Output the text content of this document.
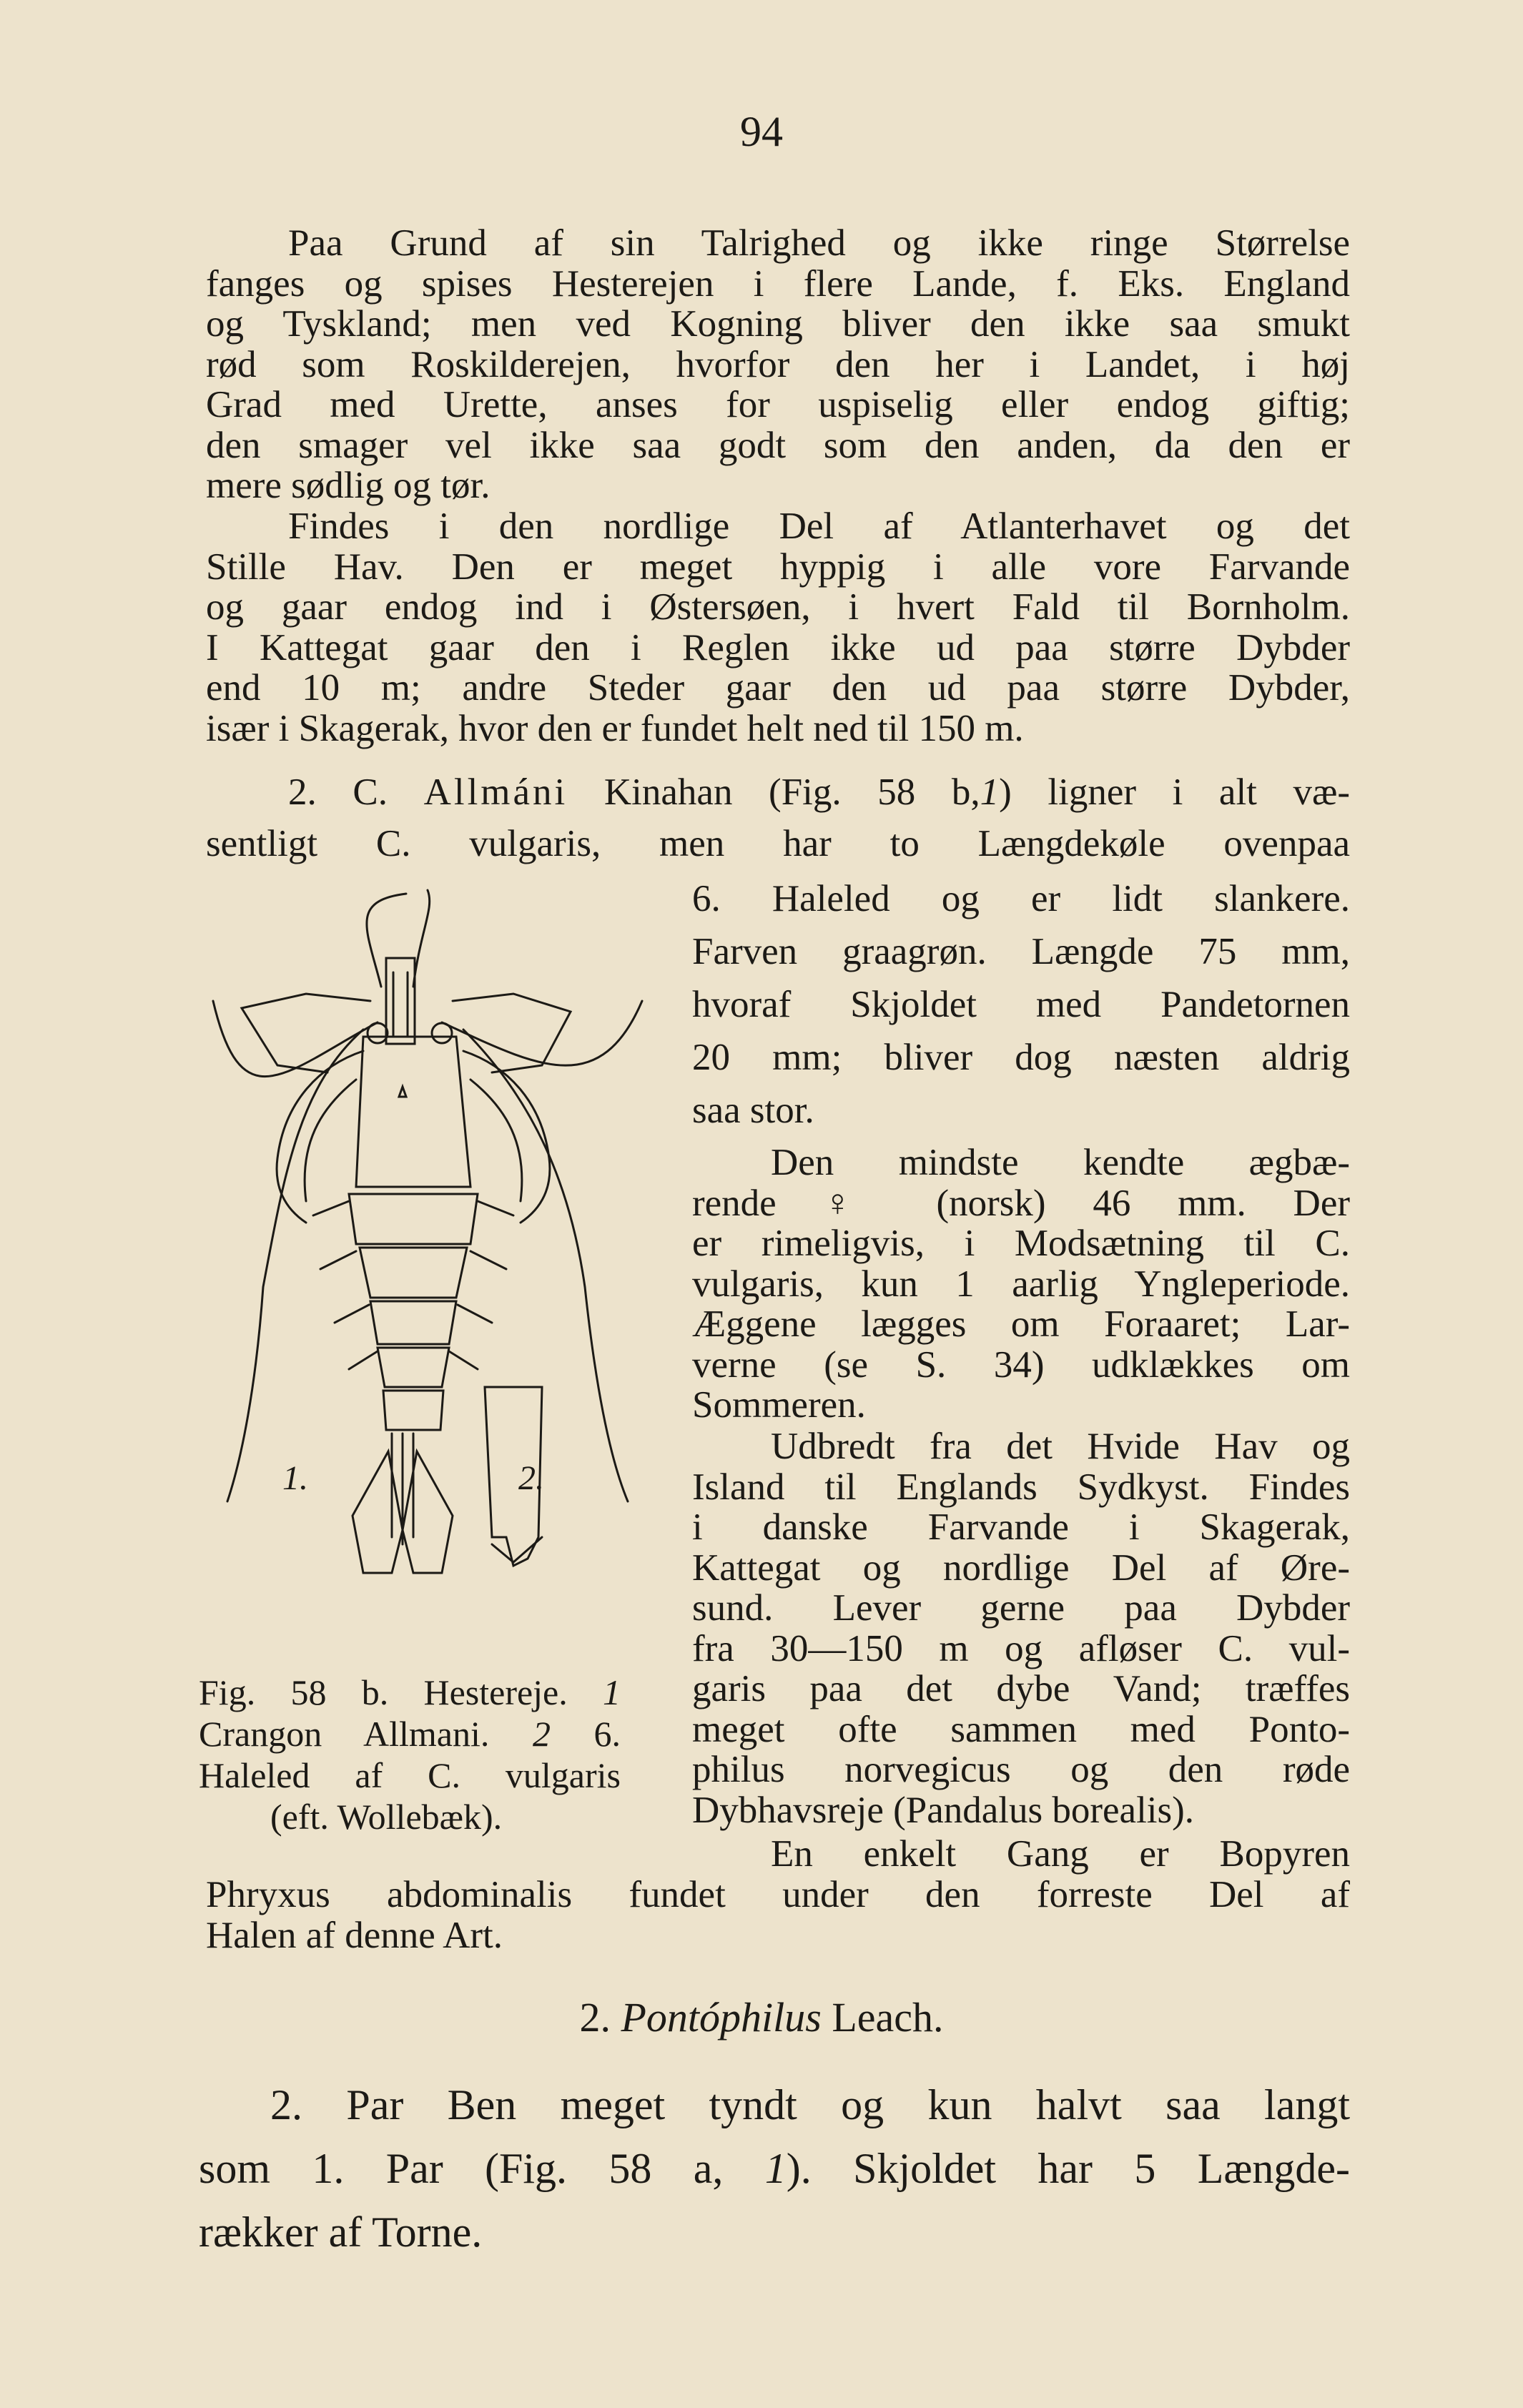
94
Paa Grund af sin Talrighed og ikke ringe Størrelse
fanges og spises Hesterejen i flere Lande, f. Eks. England
og Tyskland; men ved Kogning bliver den ikke saa smukt
rød som Roskilderejen, hvorfor den her i Landet, i høj
Grad med Urette, anses for uspiselig eller endog giftig;
den smager vel ikke saa godt som den anden, da den er
mere sødlig og tør.
Findes i den nordlige Del af Atlanterhavet og det
Stille Hav. Den er meget hyppig i alle vore Farvande
og gaar endog ind i Østersøen, i hvert Fald til Bornholm.
I Kattegat gaar den i Reglen ikke ud paa større Dybder
end 10 m; andre Steder gaar den ud paa større Dybder,
især i Skagerak, hvor den er fundet helt ned til 150 m.
2. C. Allmáni Kinahan (Fig. 58 b,1) ligner i alt væ-
sentligt C. vulgaris, men har to Længdekøle ovenpaa
6. Haleled og er lidt slankere.
Farven graagrøn. Længde 75 mm,
hvoraf Skjoldet med Pandetornen
20 mm; bliver dog næsten aldrig
saa stor.
Den mindste kendte ægbæ-
rende ♀ (norsk) 46 mm. Der
er rimeligvis, i Modsætning til C.
vulgaris, kun 1 aarlig Yngleperiode.
Æggene lægges om Foraaret; Lar-
verne (se S. 34) udklækkes om
Sommeren.
Udbredt fra det Hvide Hav og
Island til Englands Sydkyst. Findes
i danske Farvande i Skagerak,
Kattegat og nordlige Del af Øre-
sund. Lever gerne paa Dybder
fra 30—150 m og afløser C. vul-
garis paa det dybe Vand; træffes
meget ofte sammen med Ponto-
philus norvegicus og den røde
Dybhavsreje (Pandalus borealis).
En enkelt Gang er Bopyren
Phryxus abdominalis fundet under den forreste Del af
Halen af denne Art.
1.	2.
Fig. 58 b. Hestereje. 1
Crangon Allmani. 2 6.
Haleled af C. vulgaris
(eft. Wollebæk).
2. Pontóphilus Leach.
2. Par Ben meget tyndt og kun halvt saa langt
som 1. Par (Fig. 58 a, 1). Skjoldet har 5 Længde-
rækker af Torne.
